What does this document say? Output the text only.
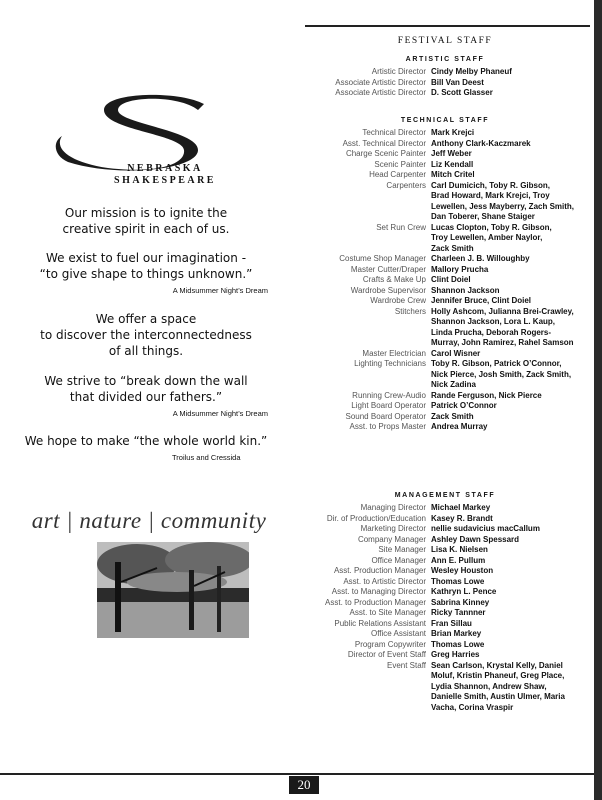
20
NEBRASKA
SHAKESPEARE
Our mission is to ignite the creative spirit in each of us.
We exist to fuel our imagination -
“to give shape to things unknown.”
A Midsummer Night’s Dream
We offer a space
to discover the interconnectedness
of all things.
We strive to “break down the wall
that divided our fathers.”
A Midsummer Night’s Dream
We hope to make “the whole world kin.”
Troilus and Cressida
art | nature | community
FESTIVAL STAFF
ARTISTIC STAFF
Artistic Director Cindy Melby Phaneuf
Associate Artistic Director Bill Van Deest
Associate Artistic Director D. Scott Glasser
TECHNICAL STAFF
Technical Director Mark Krejci
Asst. Technical Director Anthony Clark-Kaczmarek
Charge Scenic Painter Jeff Weber
Scenic Painter Liz Kendall
Head Carpenter Mitch Critel
Carpenters Carl Dumicich, Toby R. Gibson,
Brad Howard, Mark Krejci, Troy
Lewellen, Jess Mayberry, Zach Smith,
Dan Toberer, Shane Staiger
Set Run Crew Lucas Clopton, Toby R. Gibson,
Troy Lewellen, Amber Naylor,
Zack Smith
Costume Shop Manager Charleen J. B. Willoughby
Master Cutter/Draper Mallory Prucha
Crafts & Make Up Clint Doiel
Wardrobe Supervisor Shannon Jackson
Wardrobe Crew Jennifer Bruce, Clint Doiel
Stitchers Holly Ashcom, Julianna Brei-Crawley,
Shannon Jackson, Lora L. Kaup,
Linda Prucha, Deborah Rogers-
Murray, John Ramirez, Rahel Samson
Master Electrician Carol Wisner
Lighting Technicians Toby R. Gibson, Patrick O’Connor,
Nick Pierce, Josh Smith, Zack Smith,
Nick Zadina
Running Crew-Audio Rande Ferguson, Nick Pierce
Light Board Operator Patrick O’Connor
Sound Board Operator Zack Smith
Asst. to Props Master Andrea Murray
MANAGEMENT STAFF
Managing Director Michael Markey
Dir. of Production/Education Kasey R. Brandt
Marketing Director nellie sudavicius macCallum
Company Manager Ashley Dawn Spessard
Site Manager Lisa K. Nielsen
Office Manager Ann E. Pullum
Asst. Production Manager Wesley Houston
Asst. to Artistic Director Thomas Lowe
Asst. to Managing Director Kathryn L. Pence
Asst. to Production Manager Sabrina Kinney
Asst. to Site Manager Ricky Tannner
Public Relations Assistant Fran Sillau
Office Assistant Brian Markey
Program Copywriter Thomas Lowe
Director of Event Staff Greg Harries
Event Staff Sean Carlson, Krystal Kelly, Daniel
Moluf, Kristin Phaneuf, Greg Place,
Lydia Shannon, Andrew Shaw,
Danielle Smith, Austin Ulmer, Maria
Vacha, Corina Vraspir
